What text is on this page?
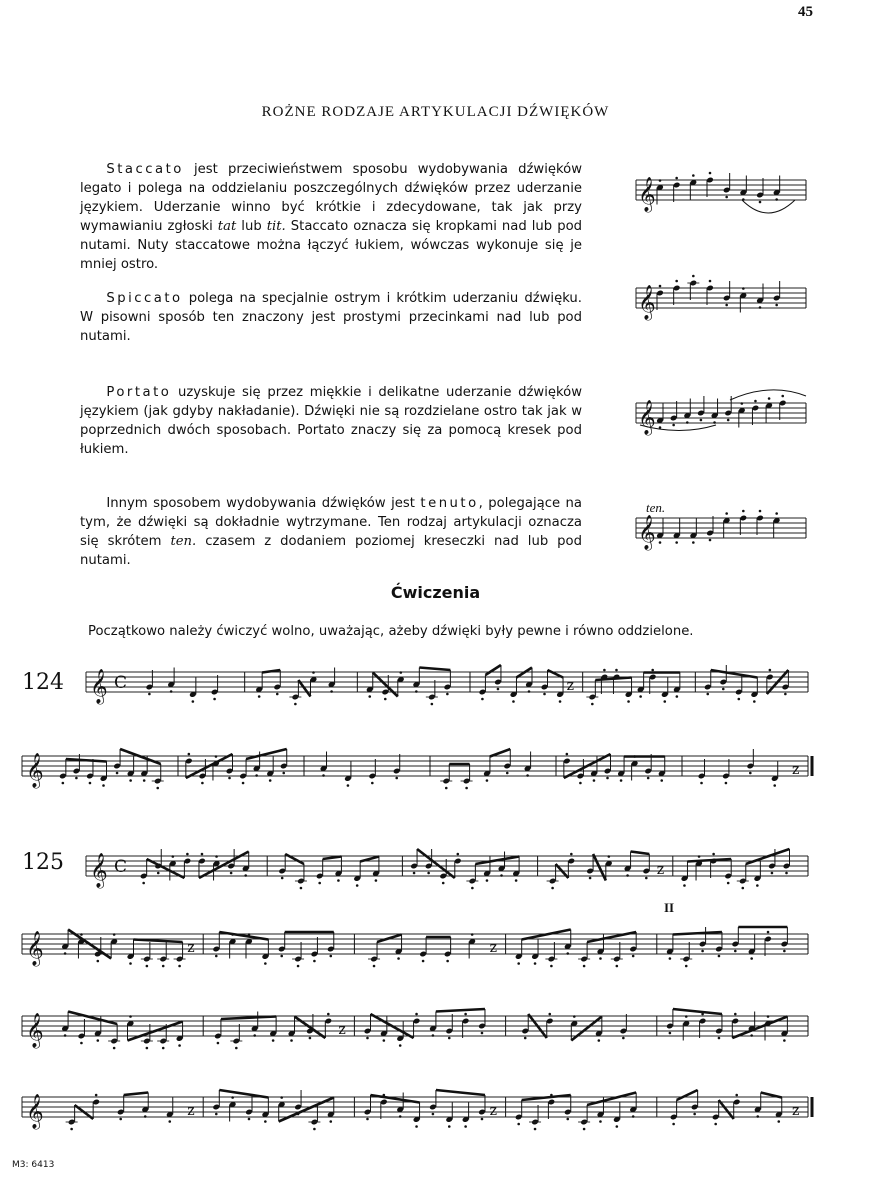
45
ROŻNE RODZAJE ARTYKULACJI DŹWIĘKÓW
  Staccato jest przeciwieństwem sposobu wydobywania dźwięków legato i polega na oddzielaniu poszczególnych dźwięków przez uderzanie językiem. Uderzanie winno być krótkie i zdecydowane, tak jak przy wymawianiu zgłoski tat lub tit. Staccato oznacza się kropkami nad lub pod nutami. Nuty staccatowe można łączyć łukiem, wówczas wykonuje się je mniej ostro.
  Spiccato polega na specjalnie ostrym i krótkim uderzaniu dźwięku. W pisowni sposób ten znaczony jest prostymi przecinkami nad lub pod nutami.
  Portato uzyskuje się przez miękkie i delikatne uderzanie dźwięków językiem (jak gdyby nakładanie). Dźwięki nie są rozdzielane ostro tak jak w poprzednich dwóch sposobach. Portato znaczy się za pomocą kresek pod łukiem.
  Innym sposobem wydobywania dźwięków jest tenuto, polegające na tym, że dźwięki są dokładnie wytrzymane. Ten rodzaj artykulacji oznacza się skrótem ten. czasem z dodaniem poziomej kreseczki nad lub pod nutami.
ten.
Ćwiczenia
Początkowo należy ćwiczyć wolno, uważając, ażeby dźwięki były pewne i równo oddzielone.
124
125
II
𝄞
𝄞
𝄞
𝄞
𝄞 C	z
𝄞	z
𝄞 C	z
𝄞	z	z
𝄞	z
𝄞	z	z	z
M3: 6413
